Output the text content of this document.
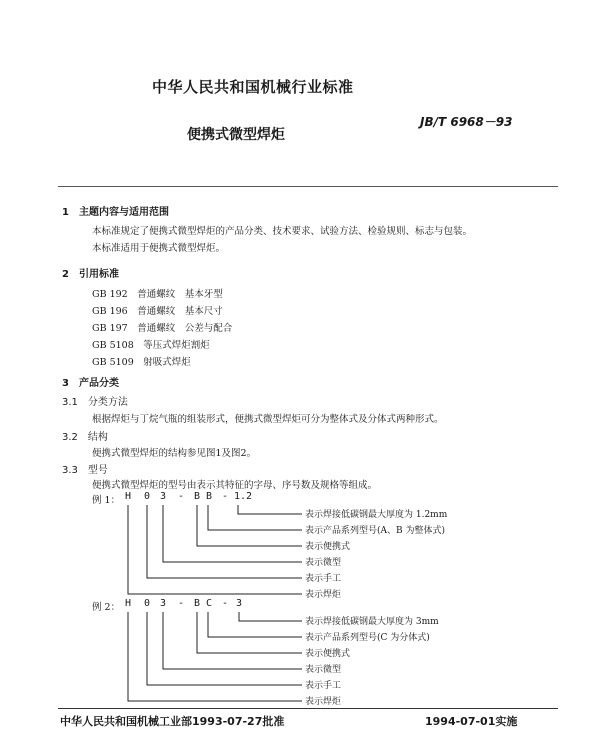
中华人民共和国机械行业标准
JB/T 6968－93
便携式微型焊炬
1　主题内容与适用范围
本标准规定了便携式微型焊炬的产品分类、技术要求、试验方法、检验规则、标志与包装。
本标准适用于便携式微型焊炬。
2　引用标准
GB 192　普通螺纹　基本牙型
GB 196　普通螺纹　基本尺寸
GB 197　普通螺纹　公差与配合
GB 5108　等压式焊炬割炬
GB 5109　射吸式焊炬
3　产品分类
3.1　分类方法
根据焊炬与丁烷气瓶的组装形式，便携式微型焊炬可分为整体式及分体式两种形式。
3.2　结构
便携式微型焊炬的结构参见图1及图2。
3.3　型号
便携式微型焊炬的型号由表示其特征的字母、序号数及规格等组成。
例 1： H 0 3 - B B - 1.2
表示焊接低碳钢最大厚度为 1.2mm
表示产品系列型号(A、B 为整体式)
表示便携式
表示微型
表示手工
表示焊炬
例 2： H 0 3 - B C - 3
表示焊接低碳钢最大厚度为 3mm
表示产品系列型号(C 为分体式)
表示便携式
表示微型
表示手工
表示焊炬
中华人民共和国机械工业部1993-07-27批准	1994-07-01实施
